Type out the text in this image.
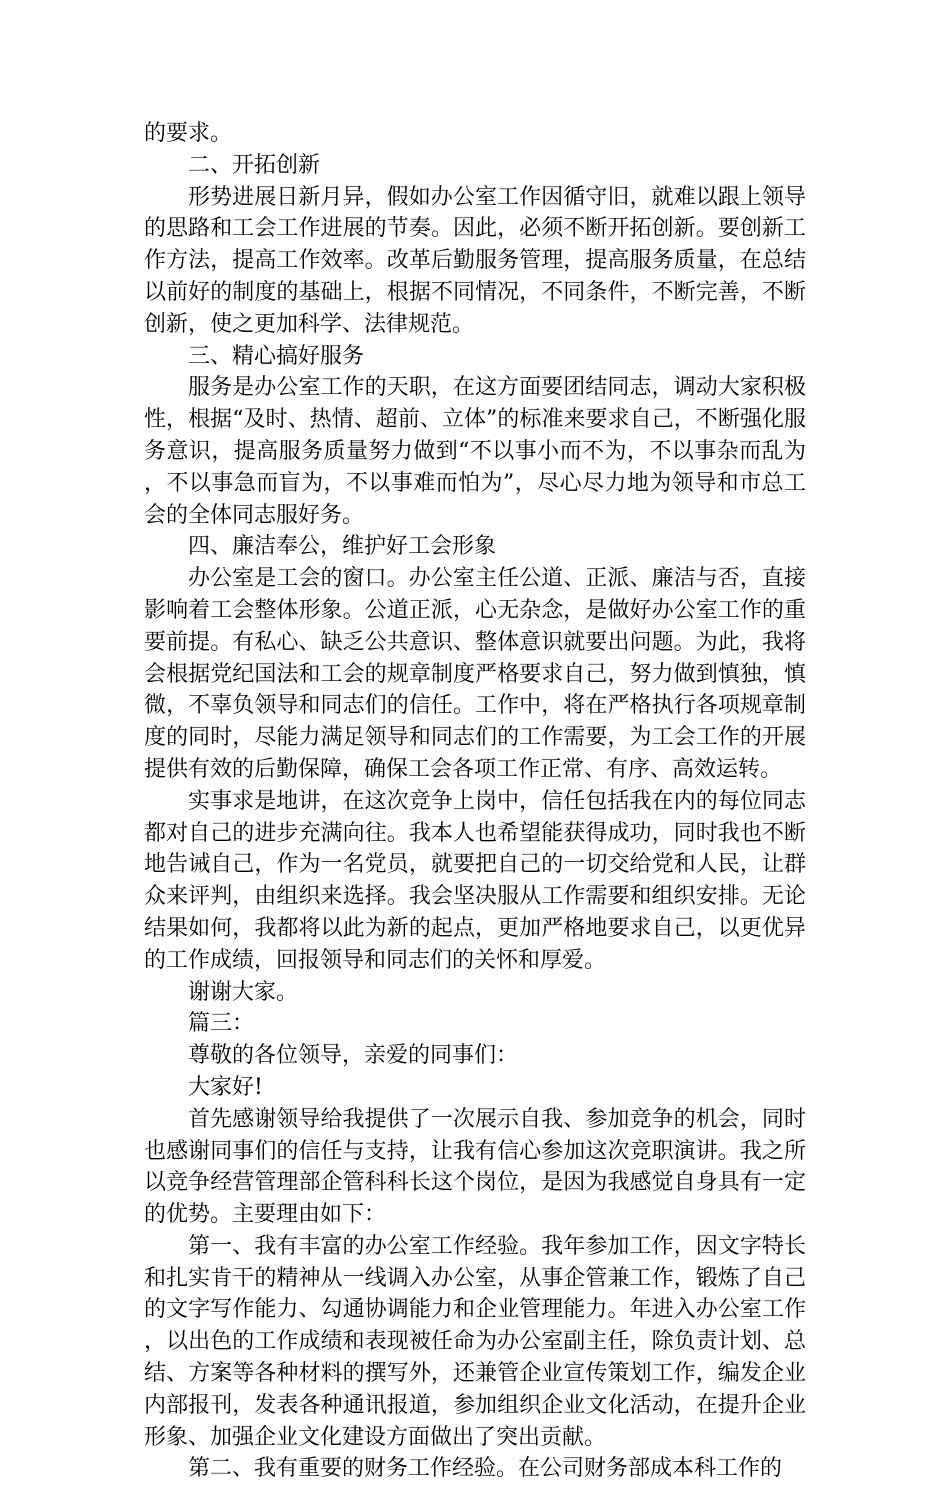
的要求。

二、开拓创新

形势进展日新月异，假如办公室工作因循守旧，就难以跟上领导的思路和工会工作进展的节奏。因此，必须不断开拓创新。要创新工作方法，提高工作效率。改革后勤服务管理，提高服务质量，在总结以前好的制度的基础上，根据不同情况，不同条件，不断完善，不断创新，使之更加科学、法律规范。

三、精心搞好服务

服务是办公室工作的天职，在这方面要团结同志，调动大家积极性，根据“及时、热情、超前、立体”的标准来要求自己，不断强化服务意识，提高服务质量努力做到“不以事小而不为，不以事杂而乱为，不以事急而盲为，不以事难而怕为”，尽心尽力地为领导和市总工会的全体同志服好务。

四、廉洁奉公，维护好工会形象

办公室是工会的窗口。办公室主任公道、正派、廉洁与否，直接影响着工会整体形象。公道正派，心无杂念，是做好办公室工作的重要前提。有私心、缺乏公共意识、整体意识就要出问题。为此，我将会根据党纪国法和工会的规章制度严格要求自己，努力做到慎独，慎微，不辜负领导和同志们的信任。工作中，将在严格执行各项规章制度的同时，尽能力满足领导和同志们的工作需要，为工会工作的开展提供有效的后勤保障，确保工会各项工作正常、有序、高效运转。

实事求是地讲，在这次竞争上岗中，信任包括我在内的每位同志都对自己的进步充满向往。我本人也希望能获得成功，同时我也不断地告诫自己，作为一名党员，就要把自己的一切交给党和人民，让群众来评判，由组织来选择。我会坚决服从工作需要和组织安排。无论结果如何，我都将以此为新的起点，更加严格地要求自己，以更优异的工作成绩，回报领导和同志们的关怀和厚爱。

谢谢大家。

篇三：

尊敬的各位领导，亲爱的同事们：

大家好!

首先感谢领导给我提供了一次展示自我、参加竞争的机会，同时也感谢同事们的信任与支持，让我有信心参加这次竞职演讲。我之所以竞争经营管理部企管科科长这个岗位，是因为我感觉自身具有一定的优势。主要理由如下：

第一、我有丰富的办公室工作经验。我年参加工作，因文字特长和扎实肯干的精神从一线调入办公室，从事企管兼工作，锻炼了自己的文字写作能力、勾通协调能力和企业管理能力。年进入办公室工作，以出色的工作成绩和表现被任命为办公室副主任，除负责计划、总结、方案等各种材料的撰写外，还兼管企业宣传策划工作，编发企业内部报刊，发表各种通讯报道，参加组织企业文化活动，在提升企业形象、加强企业文化建设方面做出了突出贡献。

第二、我有重要的财务工作经验。在公司财务部成本科工作的
